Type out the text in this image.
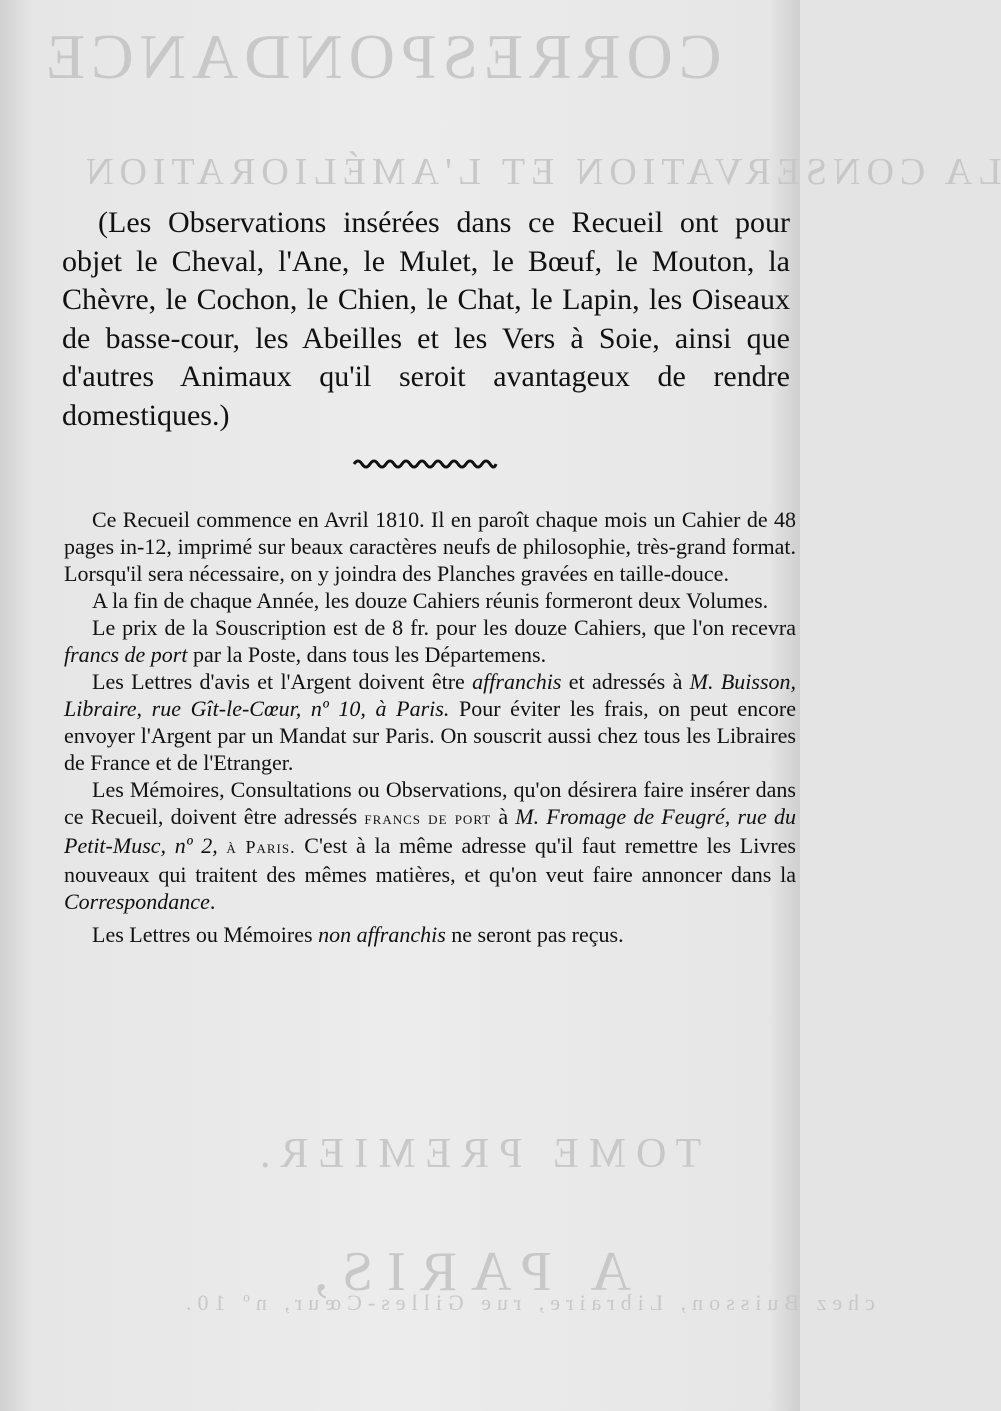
CORRESPONDANCE
LA CONSERVATION ET L'AMÉLIORATION
TOME PREMIER.
A PARIS,
chez Buisson, Libraire, rue Gilles-Cœur, nº 10.

(Les Observations insérées dans ce Recueil ont pour objet le Cheval, l'Ane, le Mulet, le Bœuf, le Mouton, la Chèvre, le Cochon, le Chien, le Chat, le Lapin, les Oiseaux de basse-cour, les Abeilles et les Vers à Soie, ainsi que d'autres Animaux qu'il seroit avantageux de rendre domestiques.)

Ce Recueil commence en Avril 1810. Il en paroît chaque mois un Cahier de 48 pages in-12, imprimé sur beaux caractères neufs de philosophie, très-grand format. Lorsqu'il sera nécessaire, on y joindra des Planches gravées en taille-douce.

A la fin de chaque Année, les douze Cahiers réunis formeront deux Volumes.

Le prix de la Souscription est de 8 fr. pour les douze Cahiers, que l'on recevra francs de port par la Poste, dans tous les Départemens.

Les Lettres d'avis et l'Argent doivent être affranchis et adressés à M. Buisson, Libraire, rue Gît-le-Cœur, nº 10, à Paris. Pour éviter les frais, on peut encore envoyer l'Argent par un Mandat sur Paris. On souscrit aussi chez tous les Libraires de France et de l'Etranger.

Les Mémoires, Consultations ou Observations, qu'on désirera faire insérer dans ce Recueil, doivent être adressés francs de port à M. Fromage de Feugré, rue du Petit-Musc, nº 2, à Paris. C'est à la même adresse qu'il faut remettre les Livres nouveaux qui traitent des mêmes matières, et qu'on veut faire annoncer dans la Correspondance.

Les Lettres ou Mémoires non affranchis ne seront pas reçus.
